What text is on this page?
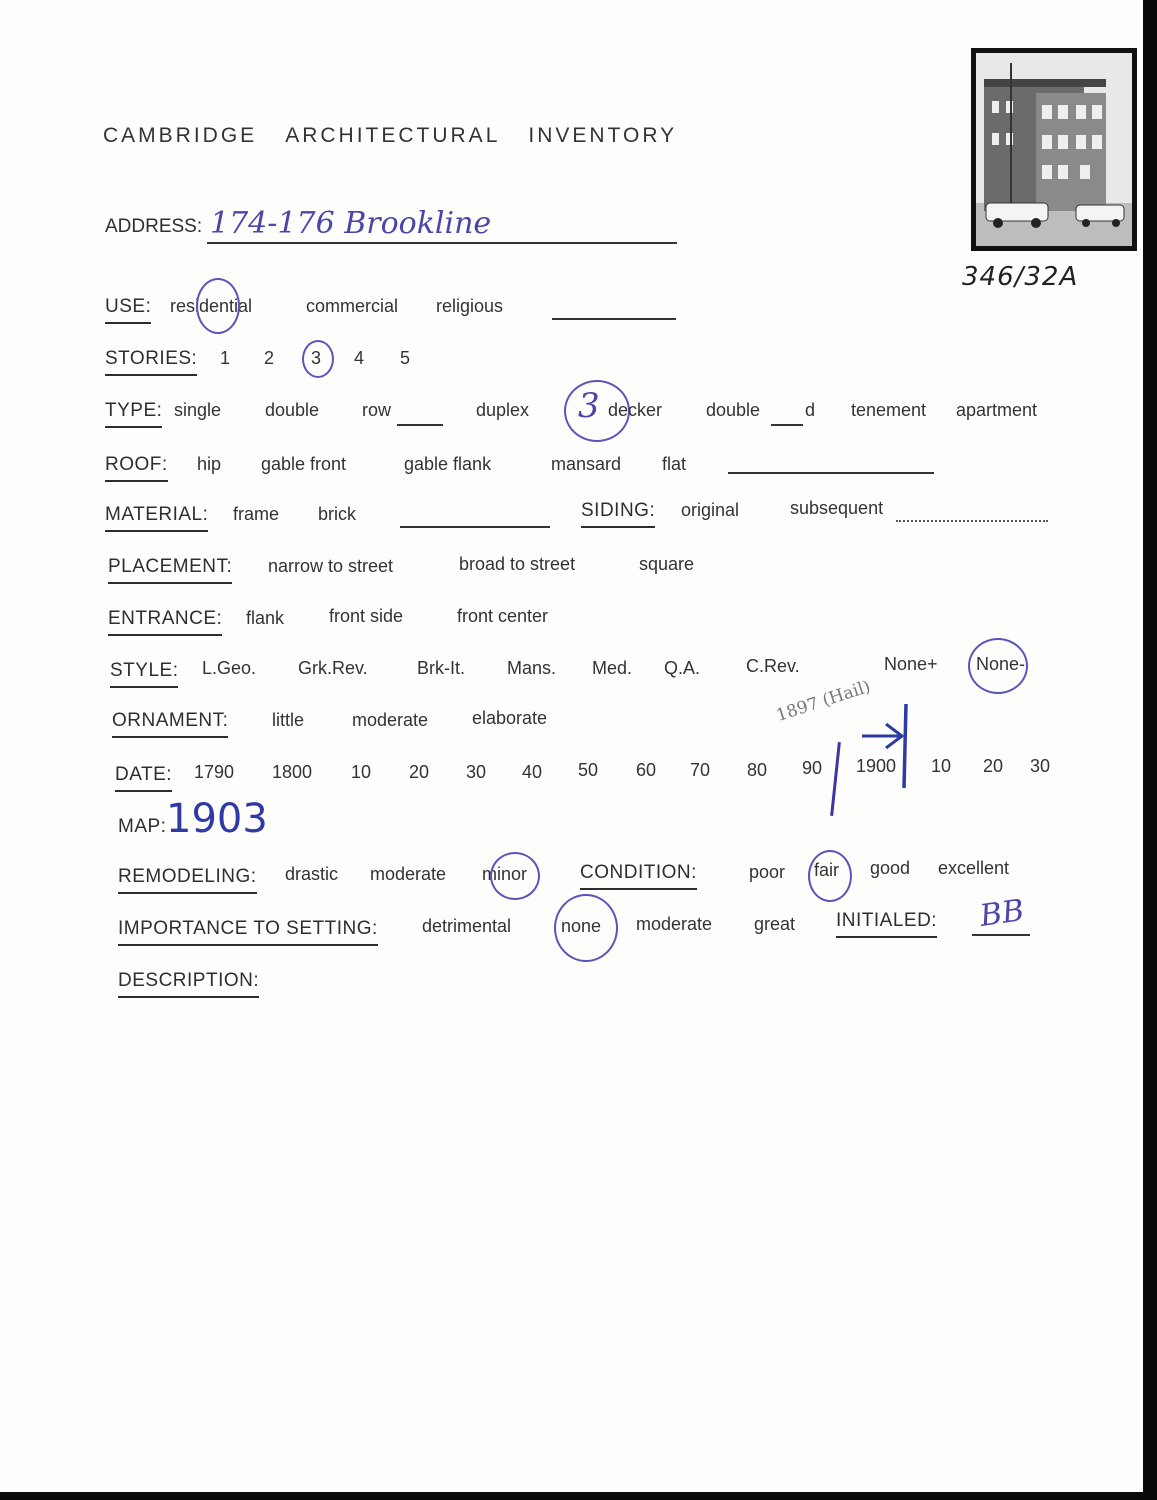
CAMBRIDGE ARCHITECTURAL INVENTORY
346/32A
ADDRESS: 174-176 Brookline
USE: residential	commercial religious
STORIES: 1 2 3 4 5
TYPE: single double row	duplex 3 decker double d tenement apartment
ROOF: hip gable front	gable flank	mansard flat
MATERIAL: frame brick	SIDING: original	subsequent
PLACEMENT: narrow to street	broad to street	square
ENTRANCE: flank front side	front center
STYLE: L.Geo. Grk.Rev.	Brk-It. Mans. Med. Q.A.	C.Rev.	None+ None-
ORNAMENT: little	moderate elaborate
DATE: 1790 1800 10 20 30 40 50 60 70 80 90 1900 10 20 30
1897 (Hail)
MAP: 1903
REMODELING: drastic moderate minor	CONDITION:	poor fair good excellent
IMPORTANCE TO SETTING: detrimental	none moderate great INITIALED: BB
DESCRIPTION:
